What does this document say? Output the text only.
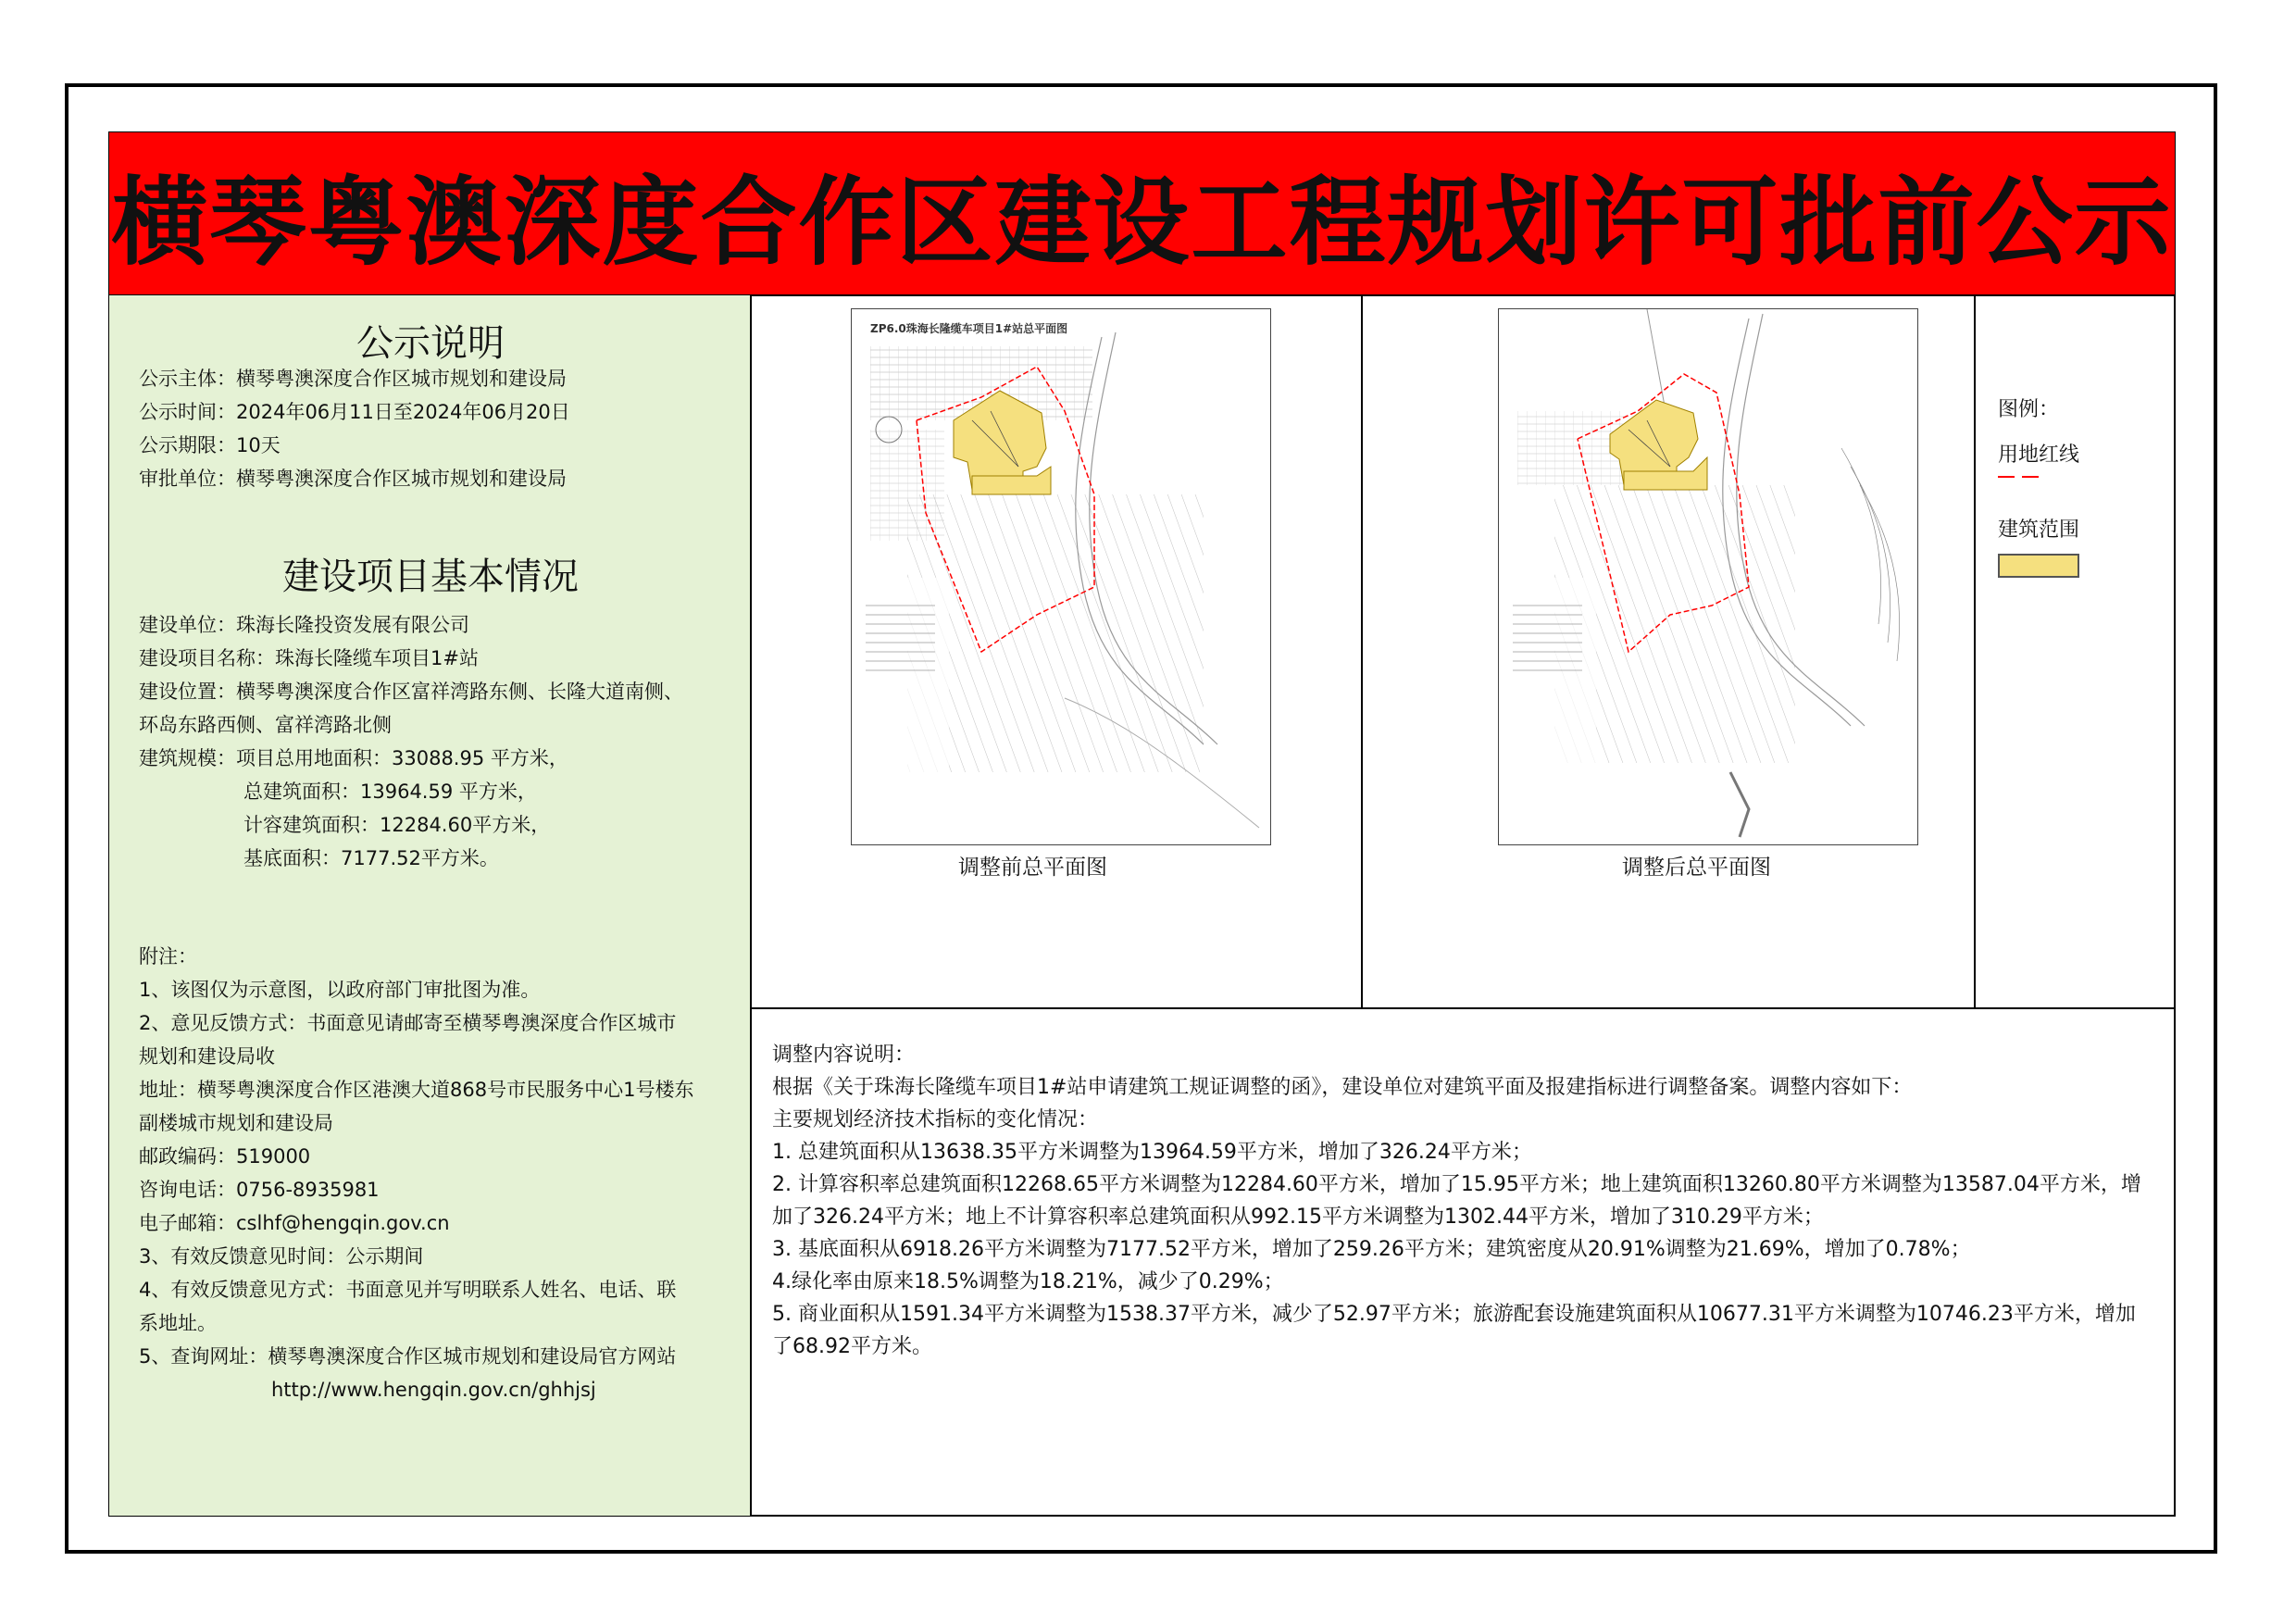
横琴粤澳深度合作区建设工程规划许可批前公示
公示说明
公示主体：横琴粤澳深度合作区城市规划和建设局
公示时间：2024年06月11日至2024年06月20日
公示期限：10天
审批单位：横琴粤澳深度合作区城市规划和建设局
建设项目基本情况
建设单位：珠海长隆投资发展有限公司
建设项目名称：珠海长隆缆车项目1#站
建设位置：横琴粤澳深度合作区富祥湾路东侧、长隆大道南侧、
环岛东路西侧、富祥湾路北侧
建筑规模：项目总用地面积：33088.95 平方米，
总建筑面积：13964.59 平方米，
计容建筑面积：12284.60平方米，
基底面积：7177.52平方米。
附注：
1、该图仅为示意图，以政府部门审批图为准。
2、意见反馈方式：书面意见请邮寄至横琴粤澳深度合作区城市
规划和建设局收
地址：横琴粤澳深度合作区港澳大道868号市民服务中心1号楼东
副楼城市规划和建设局
邮政编码：519000
咨询电话：0756-8935981
电子邮箱：cslhf@hengqin.gov.cn
3、有效反馈意见时间：公示期间
4、有效反馈意见方式：书面意见并写明联系人姓名、电话、联
系地址。
5、查询网址：横琴粤澳深度合作区城市规划和建设局官方网站
http://www.hengqin.gov.cn/ghhjsj
ZP6.0珠海长隆缆车项目1#站总平面图
调整前总平面图	调整后总平面图
图例：
用地红线
建筑范围

调整内容说明：

根据《关于珠海长隆缆车项目1#站申请建筑工规证调整的函》，建设单位对建筑平面及报建指标进行调整备案。调整内容如下：

主要规划经济技术指标的变化情况：

1. 总建筑面积从13638.35平方米调整为13964.59平方米，增加了326.24平方米；

2. 计算容积率总建筑面积12268.65平方米调整为12284.60平方米，增加了15.95平方米；地上建筑面积13260.80平方米调整为13587.04平方米，增加了326.24平方米；地上不计算容积率总建筑面积从992.15平方米调整为1302.44平方米，增加了310.29平方米；

3. 基底面积从6918.26平方米调整为7177.52平方米，增加了259.26平方米；建筑密度从20.91%调整为21.69%，增加了0.78%；

4.绿化率由原来18.5%调整为18.21%，减少了0.29%；

5. 商业面积从1591.34平方米调整为1538.37平方米，减少了52.97平方米；旅游配套设施建筑面积从10677.31平方米调整为10746.23平方米，增加了68.92平方米。
